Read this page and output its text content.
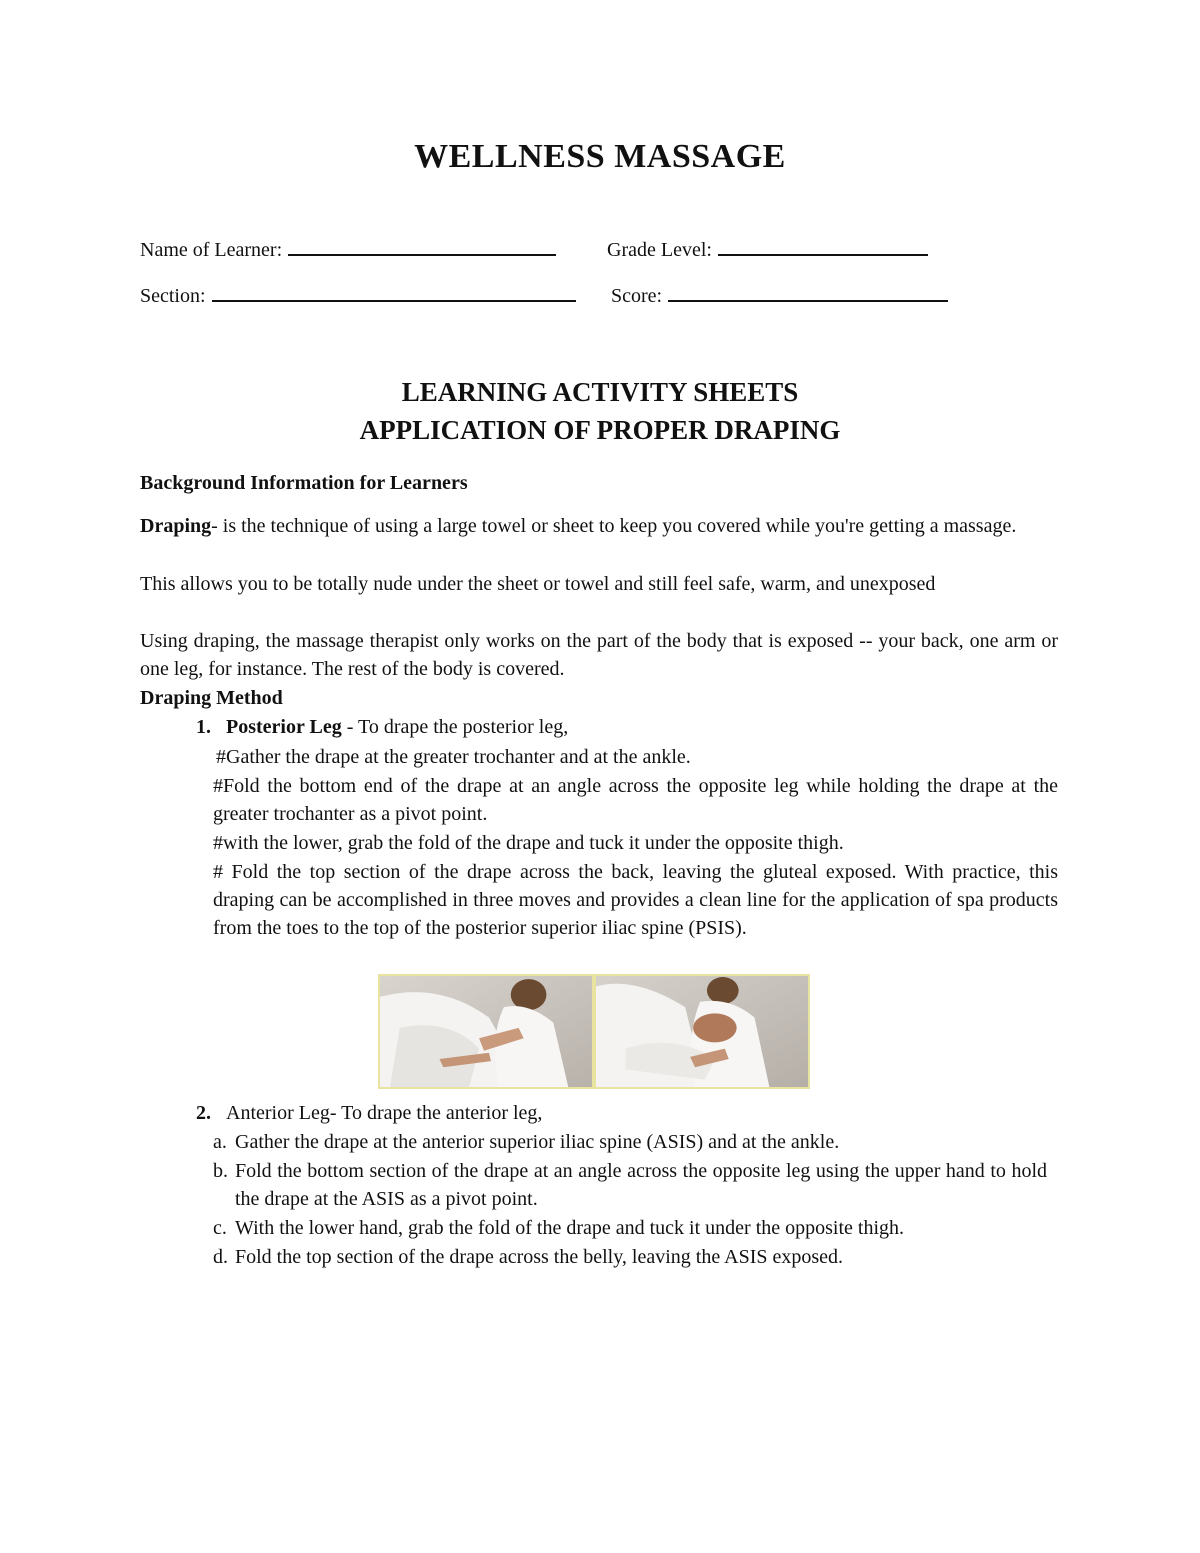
WELLNESS MASSAGE
Name of Learner:	Grade Level:
Section:	Score:
LEARNING ACTIVITY SHEETS
APPLICATION OF PROPER DRAPING
Background Information for Learners
Draping- is the technique of using a large towel or sheet to keep you covered while you're getting a massage.
This allows you to be totally nude under the sheet or towel and still feel safe, warm, and unexposed
Using draping, the massage therapist only works on the part of the body that is exposed -- your back, one arm or one leg, for instance. The rest of the body is covered.
Draping Method
1. Posterior Leg - To drape the posterior leg,
#Gather the drape at the greater trochanter and at the ankle.
#Fold the bottom end of the drape at an angle across the opposite leg while holding the drape at the greater trochanter as a pivot point.
#with the lower, grab the fold of the drape and tuck it under the opposite thigh.
# Fold the top section of the drape across the back, leaving the gluteal exposed. With practice, this draping can be accomplished in three moves and provides a clean line for the application of spa products from the toes to the top of the posterior superior iliac spine (PSIS).
2. Anterior Leg- To drape the anterior leg,
a. Gather the drape at the anterior superior iliac spine (ASIS) and at the ankle.
b. Fold the bottom section of the drape at an angle across the opposite leg using the upper hand to hold the drape at the ASIS as a pivot point.
c. With the lower hand, grab the fold of the drape and tuck it under the opposite thigh.
d. Fold the top section of the drape across the belly, leaving the ASIS exposed.
